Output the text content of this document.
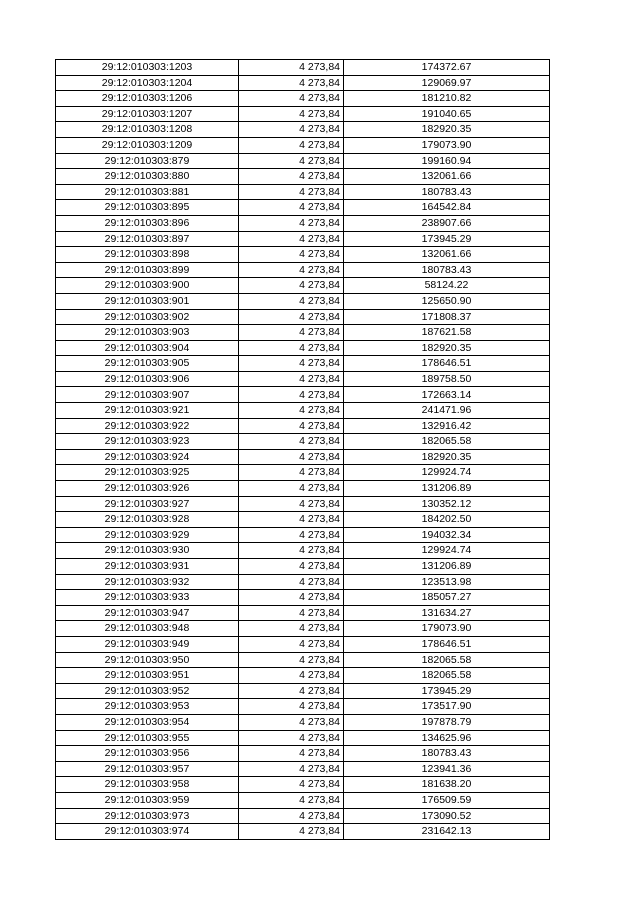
29:12:010303:1203	4 273,84	174372.67
29:12:010303:1204	4 273,84	129069.97
29:12:010303:1206	4 273,84	181210.82
29:12:010303:1207	4 273,84	191040.65
29:12:010303:1208	4 273,84	182920.35
29:12:010303:1209	4 273,84	179073.90
29:12:010303:879	4 273,84	199160.94
29:12:010303:880	4 273,84	132061.66
29:12:010303:881	4 273,84	180783.43
29:12:010303:895	4 273,84	164542.84
29:12:010303:896	4 273,84	238907.66
29:12:010303:897	4 273,84	173945.29
29:12:010303:898	4 273,84	132061.66
29:12:010303:899	4 273,84	180783.43
29:12:010303:900	4 273,84	58124.22
29:12:010303:901	4 273,84	125650.90
29:12:010303:902	4 273,84	171808.37
29:12:010303:903	4 273,84	187621.58
29:12:010303:904	4 273,84	182920.35
29:12:010303:905	4 273,84	178646.51
29:12:010303:906	4 273,84	189758.50
29:12:010303:907	4 273,84	172663.14
29:12:010303:921	4 273,84	241471.96
29:12:010303:922	4 273,84	132916.42
29:12:010303:923	4 273,84	182065.58
29:12:010303:924	4 273,84	182920.35
29:12:010303:925	4 273,84	129924.74
29:12:010303:926	4 273,84	131206.89
29:12:010303:927	4 273,84	130352.12
29:12:010303:928	4 273,84	184202.50
29:12:010303:929	4 273,84	194032.34
29:12:010303:930	4 273,84	129924.74
29:12:010303:931	4 273,84	131206.89
29:12:010303:932	4 273,84	123513.98
29:12:010303:933	4 273,84	185057.27
29:12:010303:947	4 273,84	131634.27
29:12:010303:948	4 273,84	179073.90
29:12:010303:949	4 273,84	178646.51
29:12:010303:950	4 273,84	182065.58
29:12:010303:951	4 273,84	182065.58
29:12:010303:952	4 273,84	173945.29
29:12:010303:953	4 273,84	173517.90
29:12:010303:954	4 273,84	197878.79
29:12:010303:955	4 273,84	134625.96
29:12:010303:956	4 273,84	180783.43
29:12:010303:957	4 273,84	123941.36
29:12:010303:958	4 273,84	181638.20
29:12:010303:959	4 273,84	176509.59
29:12:010303:973	4 273,84	173090.52
29:12:010303:974	4 273,84	231642.13
